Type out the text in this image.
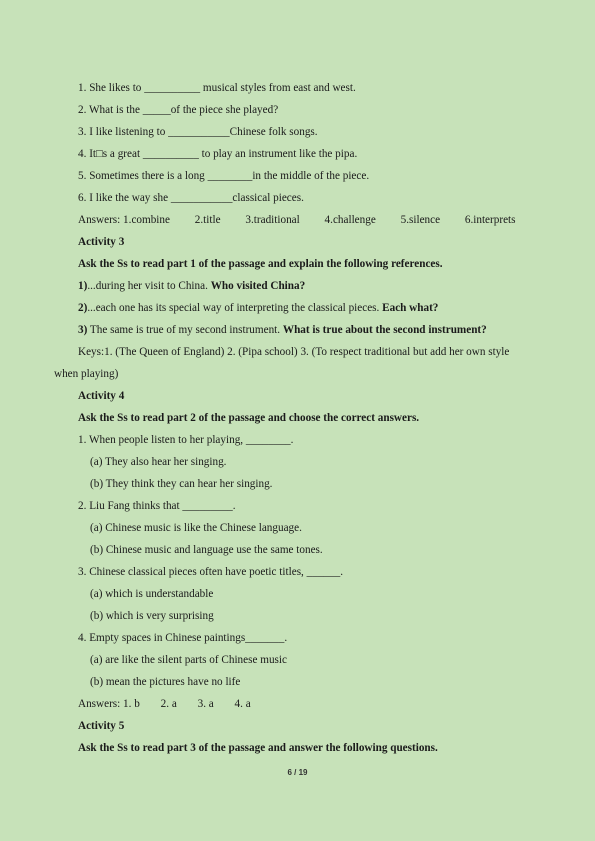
1. She likes to __________ musical styles from east and west.
2. What is the _____of the piece she played?
3. I like listening to ___________Chinese folk songs.
4. It□s a great __________ to play an instrument like the pipa.
5. Sometimes there is a long ________in the middle of the piece.
6. I like the way she ___________classical pieces.
Answers: 1.combine 2.title 3.traditional 4.challenge 5.silence 6.interprets
Activity 3
Ask the Ss to read part 1 of the passage and explain the following references.
1)...during her visit to China. Who visited China?
2)...each one has its special way of interpreting the classical pieces. Each what?
3) The same is true of my second instrument. What is true about the second instrument?
Keys:1. (The Queen of England) 2. (Pipa school) 3. (To respect traditional but add her own style
when playing)
Activity 4
Ask the Ss to read part 2 of the passage and choose the correct answers.
1. When people listen to her playing, ________.
(a) They also hear her singing.
(b) They think they can hear her singing.
2. Liu Fang thinks that _________.
(a) Chinese music is like the Chinese language.
(b) Chinese music and language use the same tones.
3. Chinese classical pieces often have poetic titles, ______.
(a) which is understandable
(b) which is very surprising
4. Empty spaces in Chinese paintings_______.
(a) are like the silent parts of Chinese music
(b) mean the pictures have no life
Answers: 1. b 2. a 3. a 4. a
Activity 5
Ask the Ss to read part 3 of the passage and answer the following questions.
6 / 19
